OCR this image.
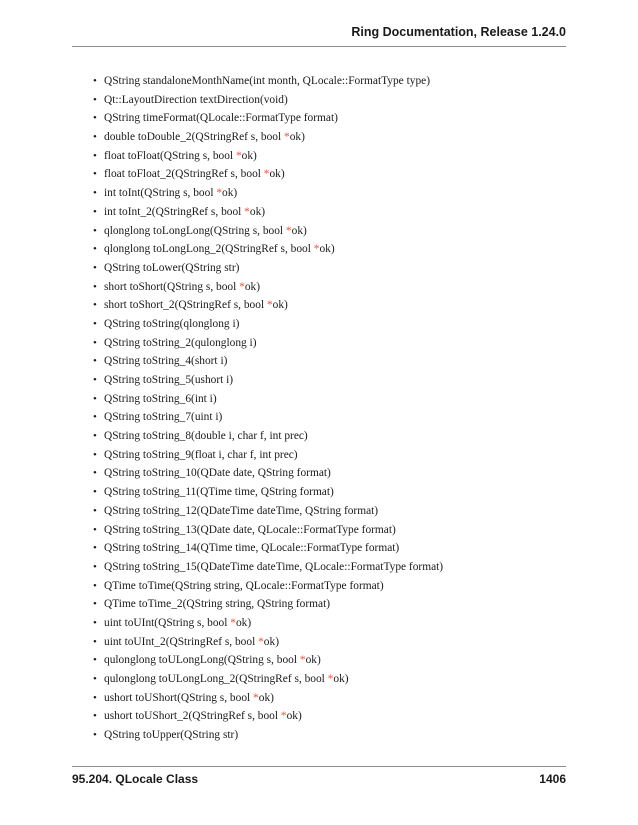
Ring Documentation, Release 1.24.0
• QString standaloneMonthName(int month, QLocale::FormatType type)
• Qt::LayoutDirection textDirection(void)
• QString timeFormat(QLocale::FormatType format)
• double toDouble_2(QStringRef s, bool *ok)
• float toFloat(QString s, bool *ok)
• float toFloat_2(QStringRef s, bool *ok)
• int toInt(QString s, bool *ok)
• int toInt_2(QStringRef s, bool *ok)
• qlonglong toLongLong(QString s, bool *ok)
• qlonglong toLongLong_2(QStringRef s, bool *ok)
• QString toLower(QString str)
• short toShort(QString s, bool *ok)
• short toShort_2(QStringRef s, bool *ok)
• QString toString(qlonglong i)
• QString toString_2(qulonglong i)
• QString toString_4(short i)
• QString toString_5(ushort i)
• QString toString_6(int i)
• QString toString_7(uint i)
• QString toString_8(double i, char f, int prec)
• QString toString_9(float i, char f, int prec)
• QString toString_10(QDate date, QString format)
• QString toString_11(QTime time, QString format)
• QString toString_12(QDateTime dateTime, QString format)
• QString toString_13(QDate date, QLocale::FormatType format)
• QString toString_14(QTime time, QLocale::FormatType format)
• QString toString_15(QDateTime dateTime, QLocale::FormatType format)
• QTime toTime(QString string, QLocale::FormatType format)
• QTime toTime_2(QString string, QString format)
• uint toUInt(QString s, bool *ok)
• uint toUInt_2(QStringRef s, bool *ok)
• qulonglong toULongLong(QString s, bool *ok)
• qulonglong toULongLong_2(QStringRef s, bool *ok)
• ushort toUShort(QString s, bool *ok)
• ushort toUShort_2(QStringRef s, bool *ok)
• QString toUpper(QString str)
95.204. QLocale Class	1406
